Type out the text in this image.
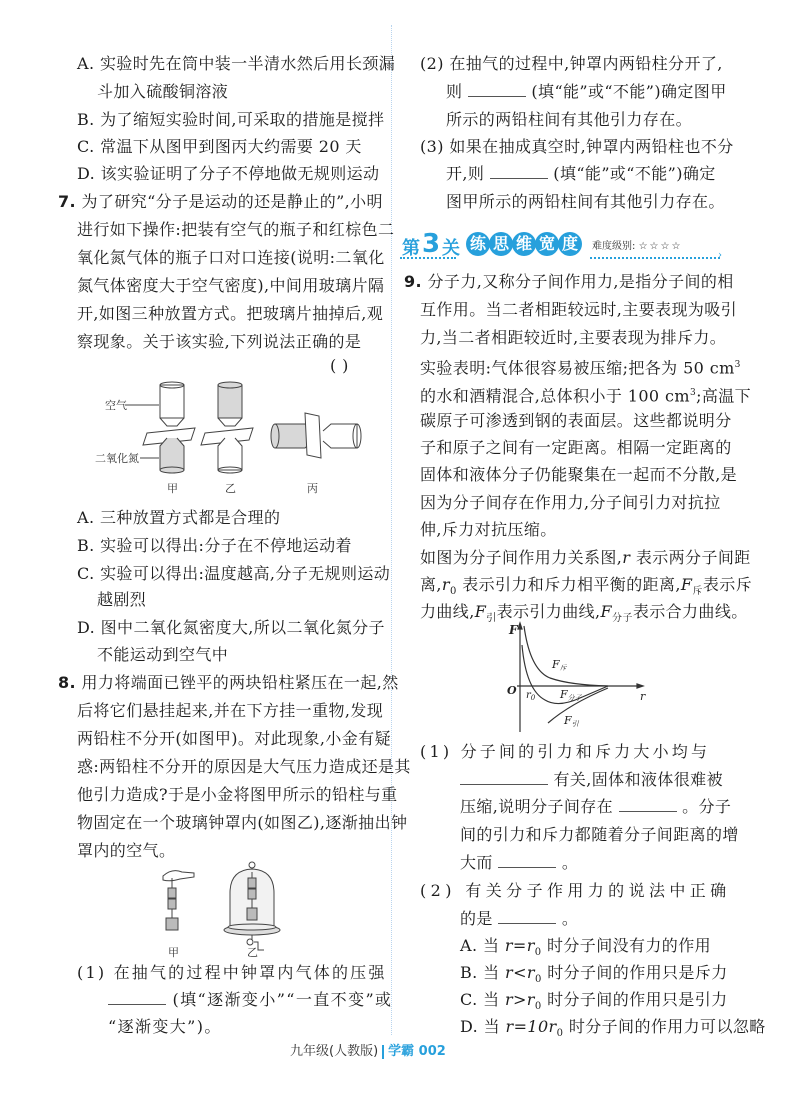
A. 实验时先在筒中装一半清水然后用长颈漏
斗加入硫酸铜溶液
B. 为了缩短实验时间,可采取的措施是搅拌
C. 常温下从图甲到图丙大约需要 20 天
D. 该实验证明了分子不停地做无规则运动
7. 为了研究“分子是运动的还是静止的”,小明
进行如下操作:把装有空气的瓶子和红棕色二
氧化氮气体的瓶子口对口连接(说明:二氧化
氮气体密度大于空气密度),中间用玻璃片隔
开,如图三种放置方式。把玻璃片抽掉后,观
察现象。关于该实验,下列说法正确的是
( )
空气
二氧化氮
甲	乙	丙
A. 三种放置方式都是合理的
B. 实验可以得出:分子在不停地运动着
C. 实验可以得出:温度越高,分子无规则运动
越剧烈
D. 图中二氧化氮密度大,所以二氧化氮分子
不能运动到空气中
8. 用力将端面已锉平的两块铅柱紧压在一起,然
后将它们悬挂起来,并在下方挂一重物,发现
两铅柱不分开(如图甲)。对此现象,小金有疑
惑:两铅柱不分开的原因是大气压力造成还是其
他引力造成?于是小金将图甲所示的铅柱与重
物固定在一个玻璃钟罩内(如图乙),逐渐抽出钟
罩内的空气。
甲	乙
(1) 在抽气的过程中钟罩内气体的压强
(填“逐渐变小”“一直不变”或
“逐渐变大”)。
(2) 在抽气的过程中,钟罩内两铅柱分开了,
则	(填“能”或“不能”)确定图甲
所示的两铅柱间有其他引力存在。
(3) 如果在抽成真空时,钟罩内两铅柱也不分
开,则	(填“能”或“不能”)确定
图甲所示的两铅柱间有其他引力存在。
第 3 关 练 思 维 宽 度	难度级别: ☆☆☆☆
›
9. 分子力,又称分子间作用力,是指分子间的相
互作用。当二者相距较远时,主要表现为吸引
力,当二者相距较近时,主要表现为排斥力。
实验表明:气体很容易被压缩;把各为 50 $cm^3$
的水和酒精混合,总体积小于 100 $cm^3$;高温下
碳原子可渗透到钢的表面层。这些都说明分
子和原子之间有一定距离。相隔一定距离的
固体和液体分子仍能聚集在一起而不分散,是
因为分子间存在作用力,分子间引力对抗拉
伸,斥力对抗压缩。
如图为分子间作用力关系图,r 表示两分子间距
离$,r_0$ 表示引力和斥力相平衡的距离$,F_斥$表示斥
力曲线$,F_引$表示引力曲线$,F_{分子}$表示合力曲线。
F
O	r
$r_0$
F斥
F分子
F引
(1) 分子间的引力和斥力大小均与
有关,固体和液体很难被
压缩,说明分子间存在	。分子
间的引力和斥力都随着分子间距离的增
大而	。
(2) 有关分子作用力的说法中正确
的是	。
A. 当 $r=r_0$ 时分子间没有力的作用
B. 当 $r<r_0$ 时分子间的作用只是斥力
C. 当 $r>r_0$ 时分子间的作用只是引力
D. 当 $r=10r_0$ 时分子间的作用力可以忽略
九年级(人教版) 学霸 002
